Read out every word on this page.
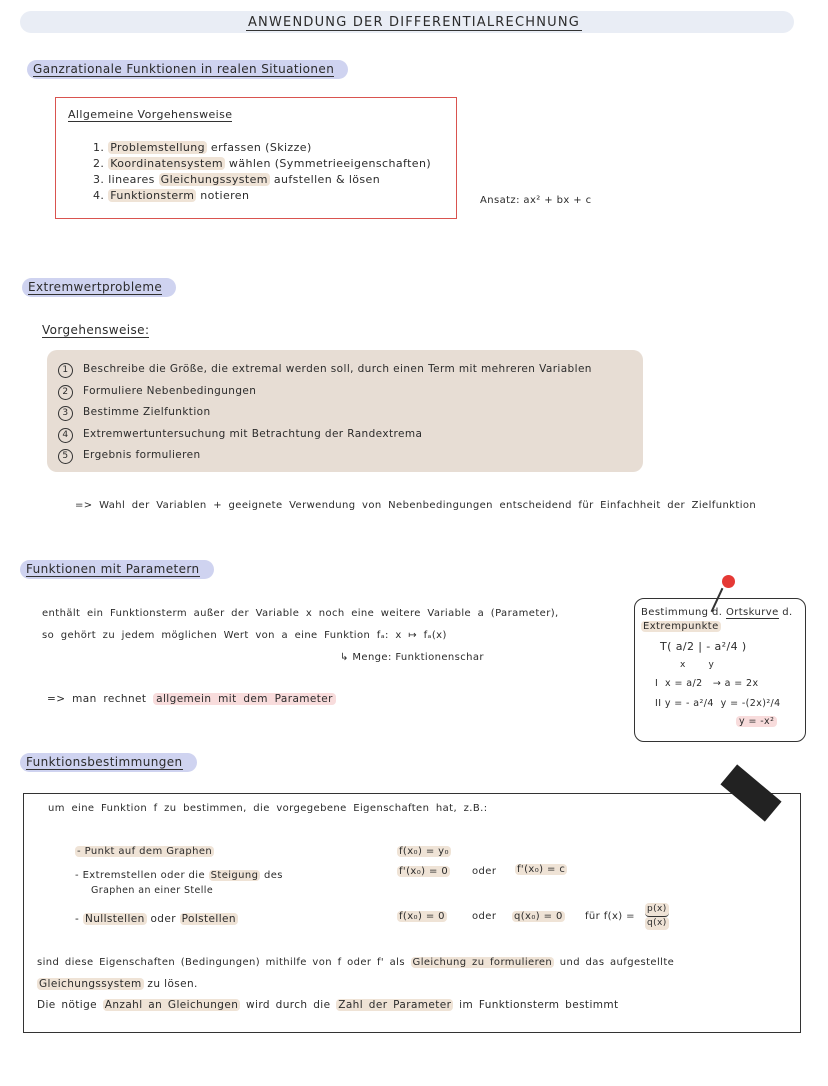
ANWENDUNG DER DIFFERENTIALRECHNUNG
Ganzrationale Funktionen in realen Situationen
Allgemeine Vorgehensweise
1. Problemstellung erfassen (Skizze)
2. Koordinatensystem wählen (Symmetrieeigenschaften)
3. lineares Gleichungssystem aufstellen & lösen
4. Funktionsterm notieren	Ansatz: ax² + bx + c
Extremwertprobleme
Vorgehensweise:
1 Beschreibe die Größe, die extremal werden soll, durch einen Term mit mehreren Variablen
2 Formuliere Nebenbedingungen
3 Bestimme Zielfunktion
4 Extremwertuntersuchung mit Betrachtung der Randextrema
5 Ergebnis formulieren
=> Wahl der Variablen + geeignete Verwendung von Nebenbedingungen entscheidend für Einfachheit der Zielfunktion
Funktionen mit Parametern
enthält ein Funktionsterm außer der Variable x noch eine weitere Variable a (Parameter),
so gehört zu jedem möglichen Wert von a eine Funktion fₐ: x ↦ fₐ(x)
↳ Menge: Funktionenschar
=> man rechnet allgemein mit dem Parameter
Bestimmung d. Ortskurve d.
Extrempunkte
T( a/2 | - a²/4 )
x       y
I x = a/2 → a = 2x
II y = - a²/4 y = -(2x)²/4
y = -x²
Funktionsbestimmungen
um eine Funktion f zu bestimmen, die vorgegebene Eigenschaften hat, z.B.:
- Punkt auf dem Graphen	f(x₀) = y₀
- Extremstellen oder die Steigung des
Graphen an einer Stelle
f'(x₀) = 0 oder f'(x₀) = c
- Nullstellen oder Polstellen	f(x₀) = 0	oder q(x₀) = 0 für f(x) =
p(x)
q(x)
sind diese Eigenschaften (Bedingungen) mithilfe von f oder f' als Gleichung zu formulieren und das aufgestellte
Gleichungssystem zu lösen.
Die nötige Anzahl an Gleichungen wird durch die Zahl der Parameter im Funktionsterm bestimmt
